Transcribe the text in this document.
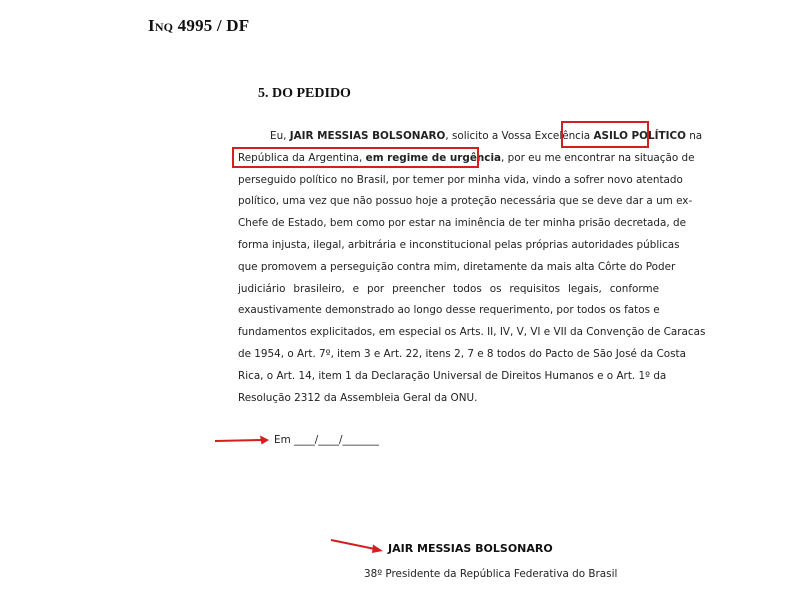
Inq 4995 / DF
5. DO PEDIDO
Eu, JAIR MESSIAS BOLSONARO, solicito a Vossa Excelência ASILO POLÍTICO na
República da Argentina, em regime de urgência, por eu me encontrar na situação de
perseguido político no Brasil, por temer por minha vida, vindo a sofrer novo atentado
político, uma vez que não possuo hoje a proteção necessária que se deve dar a um ex-
Chefe de Estado, bem como por estar na iminência de ter minha prisão decretada, de
forma injusta, ilegal, arbitrária e inconstitucional pelas próprias autoridades públicas
que promovem a perseguição contra mim, diretamente da mais alta Côrte do Poder
judiciário brasileiro, e por preencher todos os requisitos legais, conforme
exaustivamente demonstrado ao longo desse requerimento, por todos os fatos e
fundamentos explicitados, em especial os Arts. II, IV, V, VI e VII da Convenção de Caracas
de 1954, o Art. 7º, item 3 e Art. 22, itens 2, 7 e 8 todos do Pacto de São José da Costa
Rica, o Art. 14, item 1 da Declaração Universal de Direitos Humanos e o Art. 1º da
Resolução 2312 da Assembleia Geral da ONU.
Em ____/____/_______
JAIR MESSIAS BOLSONARO
38º Presidente da República Federativa do Brasil
